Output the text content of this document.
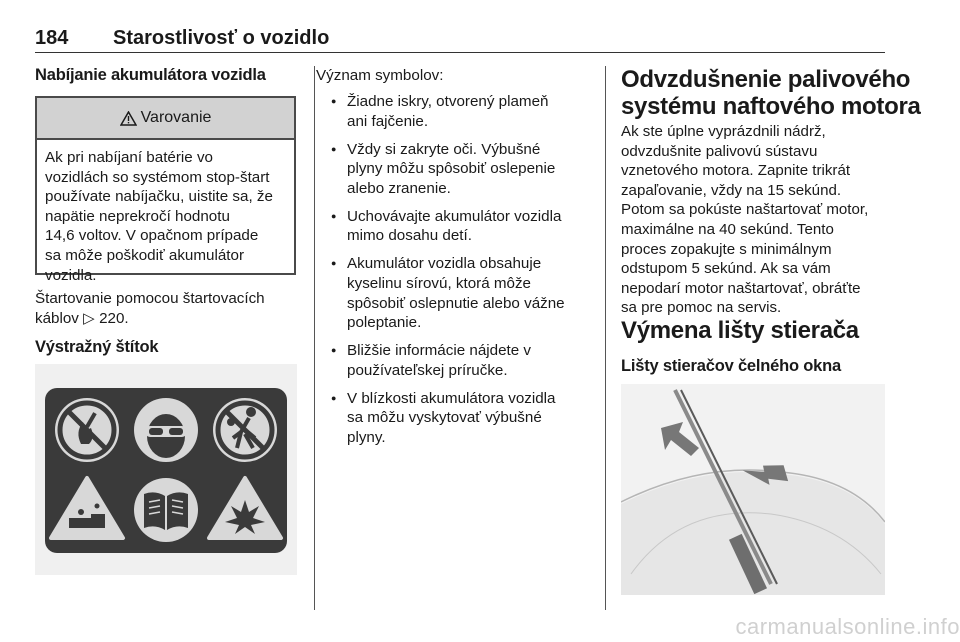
184 Starostlivosť o vozidlo
Nabíjanie akumulátora vozidla
Varovanie
Ak pri nabíjaní batérie vo
vozidlách so systémom stop-štart
používate nabíjačku, uistite sa, že
napätie neprekročí hodnotu
14,6 voltov. V opačnom prípade
sa môže poškodiť akumulátor
vozidla.
Štartovanie pomocou štartovacích
káblov ▷ 220.
Výstražný štítok
Význam symbolov:
● Žiadne iskry, otvorený plameň
ani fajčenie.
● Vždy si zakryte oči. Výbušné
plyny môžu spôsobiť oslepenie
alebo zranenie.
● Uchovávajte akumulátor vozidla
mimo dosahu detí.
● Akumulátor vozidla obsahuje
kyselinu sírovú, ktorá môže
spôsobiť oslepnutie alebo vážne
poleptanie.
● Bližšie informácie nájdete v
používateľskej príručke.
● V blízkosti akumulátora vozidla
sa môžu vyskytovať výbušné
plyny.
Odvzdušnenie palivového
systému naftového motora
Ak ste úplne vyprázdnili nádrž,
odvzdušnite palivovú sústavu
vznetového motora. Zapnite trikrát
zapaľovanie, vždy na 15 sekúnd.
Potom sa pokúste naštartovať motor,
maximálne na 40 sekúnd. Tento
proces zopakujte s minimálnym
odstupom 5 sekúnd. Ak sa vám
nepodarí motor naštartovať, obráťte
sa pre pomoc na servis.
Výmena lišty stierača
Lišty stieračov čelného okna
carmanualsonline.info
